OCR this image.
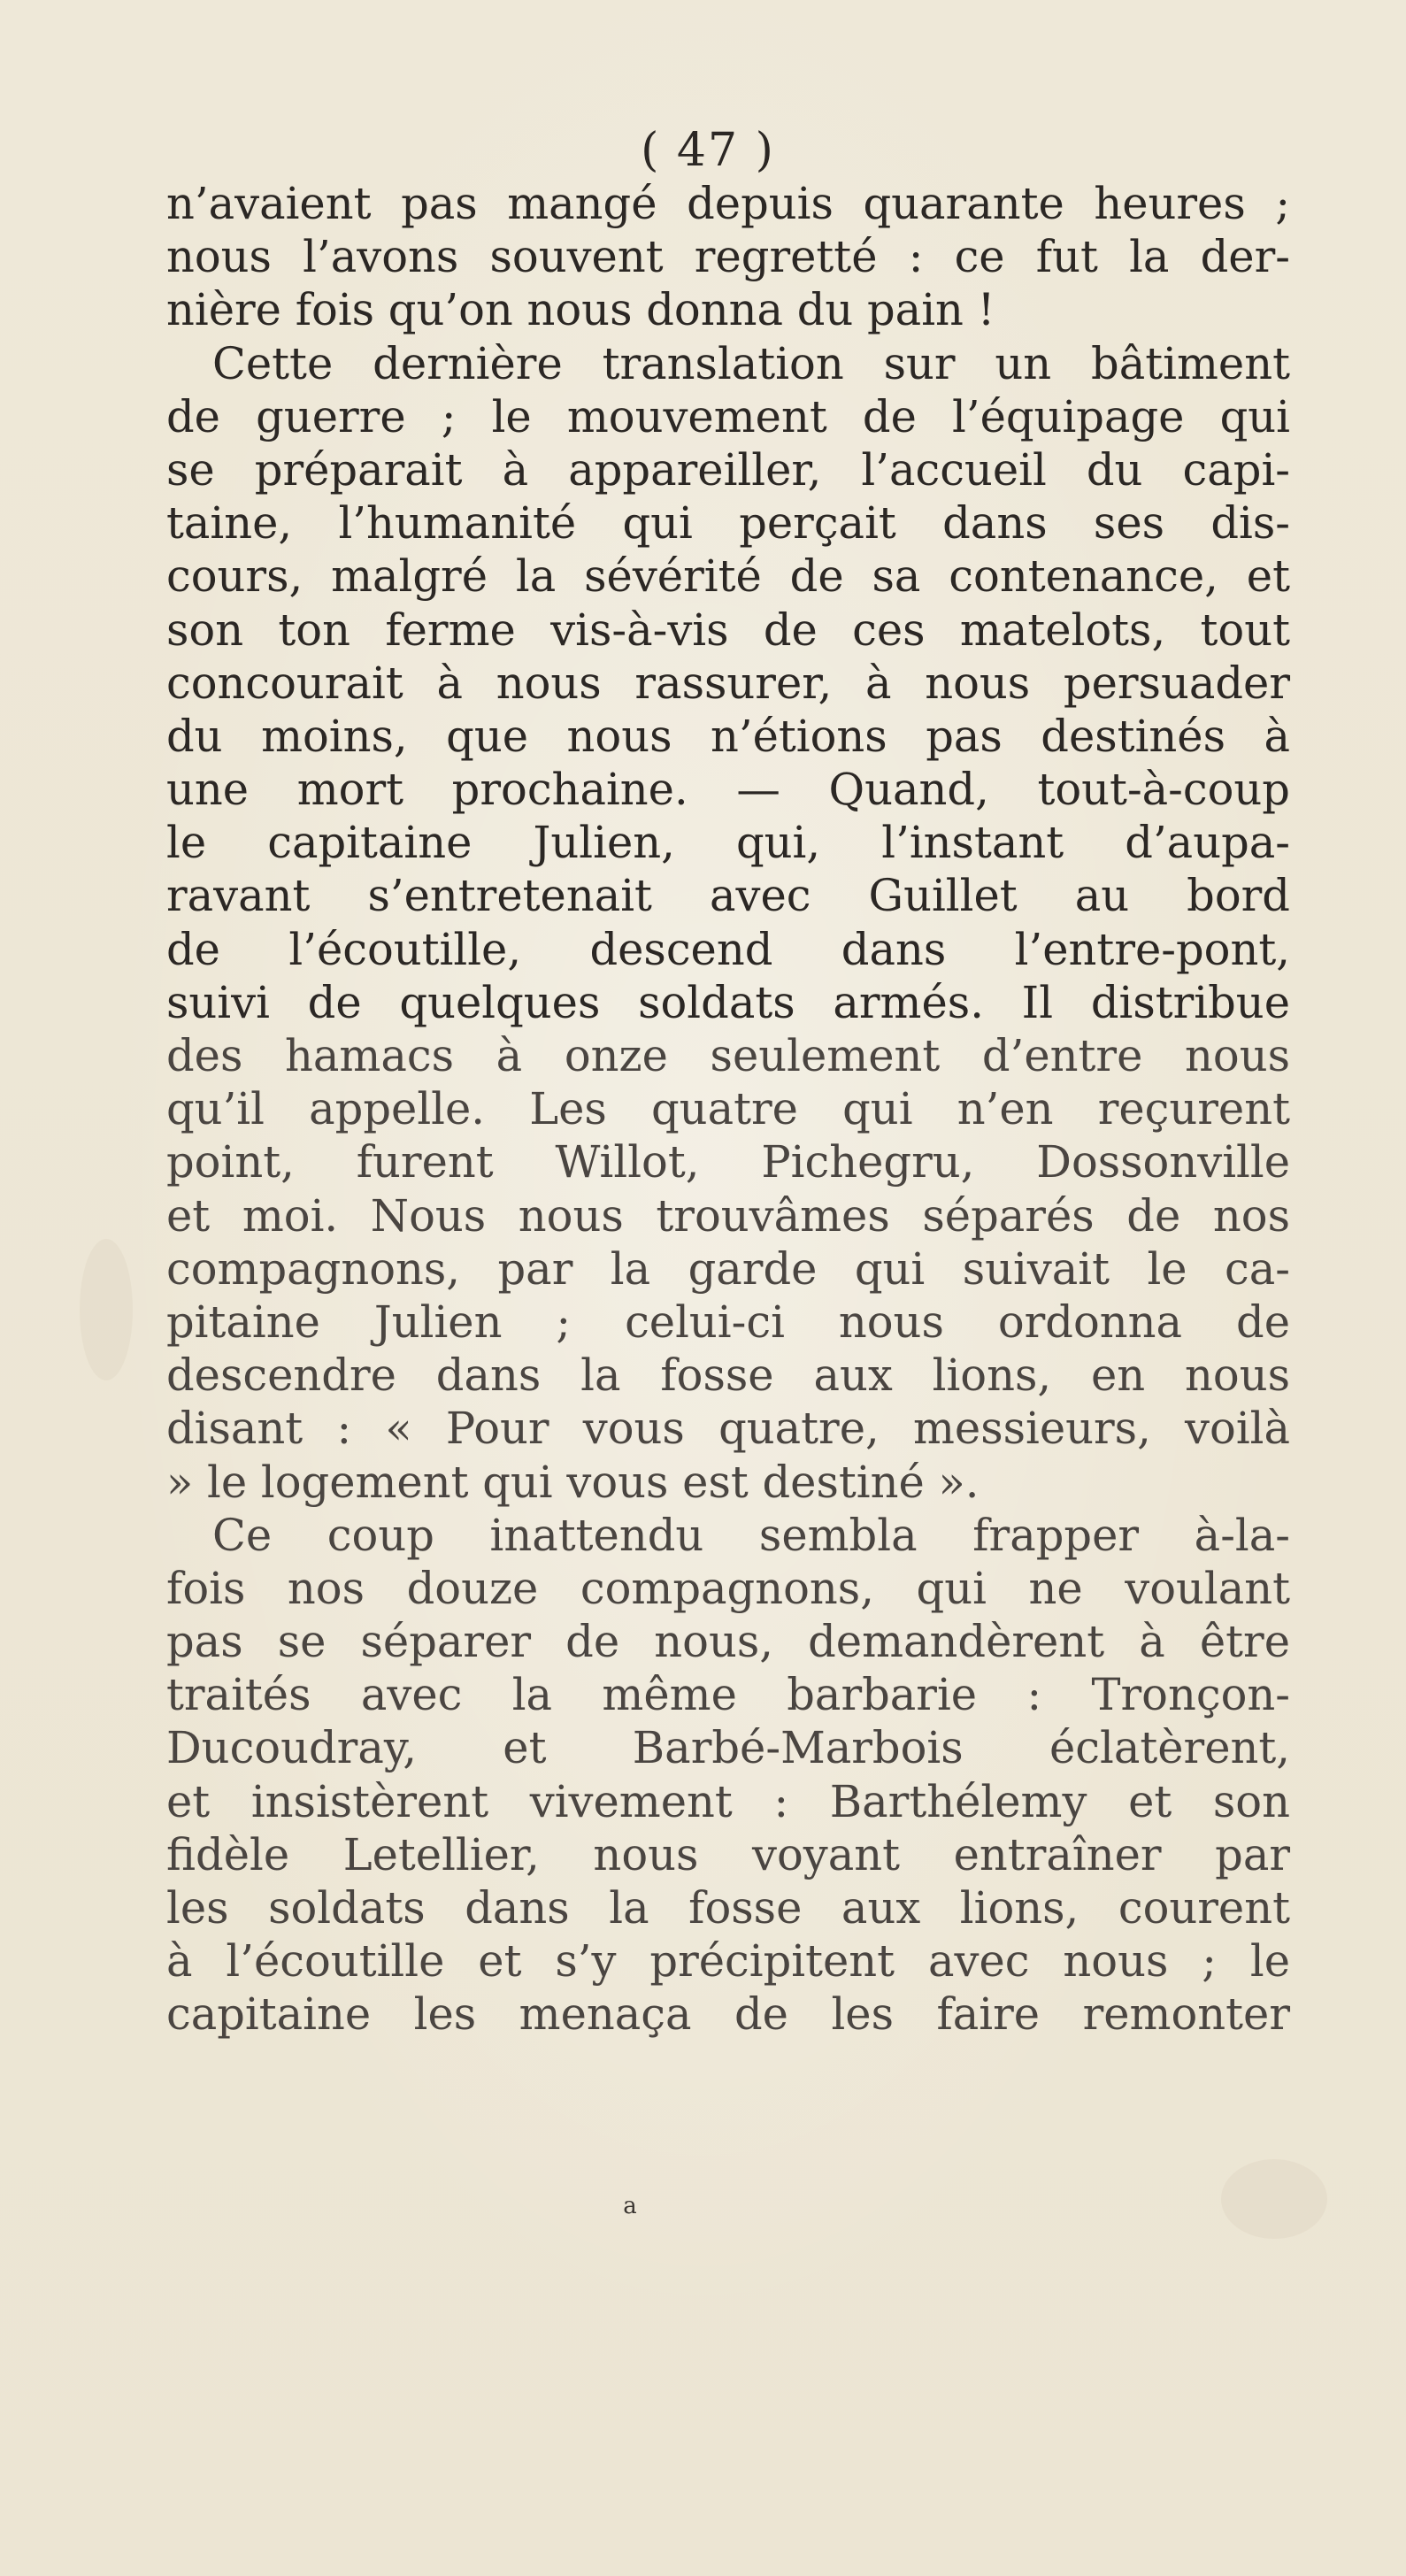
( 47 )
n’avaient pas mangé depuis quarante heures ;
nous l’avons souvent regretté : ce fut la der-
nière fois qu’on nous donna du pain !
Cette dernière translation sur un bâtiment
de guerre ; le mouvement de l’équipage qui
se préparait à appareiller, l’accueil du capi-
taine, l’humanité qui perçait dans ses dis-
cours, malgré la sévérité de sa contenance, et
son ton ferme vis-à-vis de ces matelots, tout
concourait à nous rassurer, à nous persuader
du moins, que nous n’étions pas destinés à
une mort prochaine. — Quand, tout-à-coup
le capitaine Julien, qui, l’instant d’aupa-
ravant s’entretenait avec Guillet au bord
de l’écoutille, descend dans l’entre-pont,
suivi de quelques soldats armés. Il distribue
des hamacs à onze seulement d’entre nous
qu’il appelle. Les quatre qui n’en reçurent
point, furent Willot, Pichegru, Dossonville
et moi. Nous nous trouvâmes séparés de nos
compagnons, par la garde qui suivait le ca-
pitaine Julien ; celui-ci nous ordonna de
descendre dans la fosse aux lions, en nous
disant : « Pour vous quatre, messieurs, voilà
» le logement qui vous est destiné ».
Ce coup inattendu sembla frapper à-la-
fois nos douze compagnons, qui ne voulant
pas se séparer de nous, demandèrent à être
traités avec la même barbarie : Tronçon-
Ducoudray, et Barbé-Marbois éclatèrent,
et insistèrent vivement : Barthélemy et son
fidèle Letellier, nous voyant entraîner par
les soldats dans la fosse aux lions, courent
à l’écoutille et s’y précipitent avec nous ; le
capitaine les menaça de les faire remonter
a
